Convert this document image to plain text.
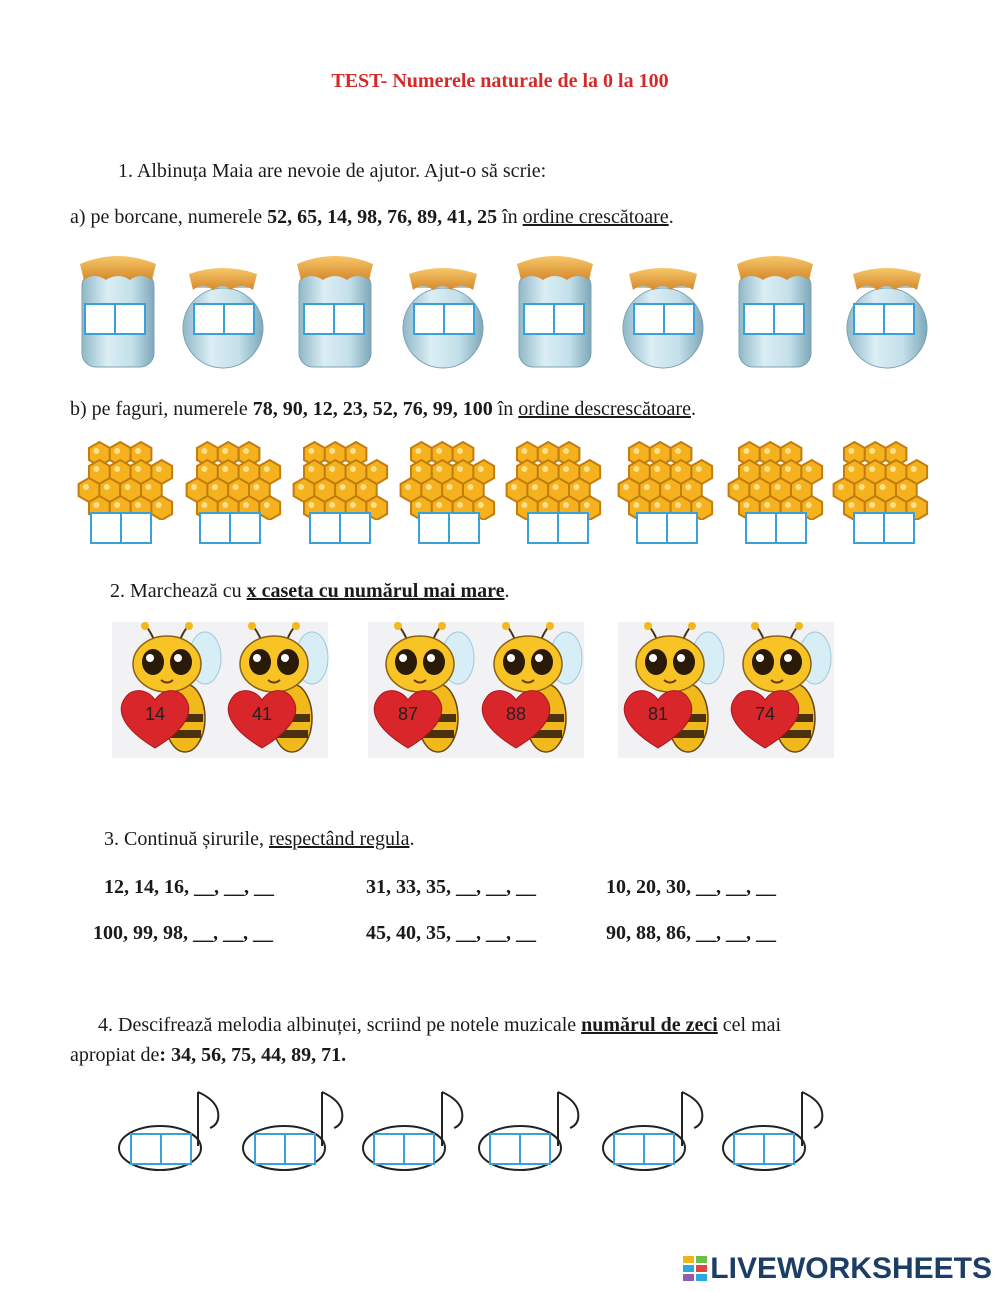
TEST- Numerele naturale de la 0 la 100
1. Albinuța Maia are nevoie de ajutor. Ajut-o să scrie:
a) pe borcane, numerele 52, 65, 14, 98, 76, 89, 41, 25 în ordine crescătoare.
b) pe faguri, numerele 78, 90, 12, 23, 52, 76, 99, 100 în ordine descrescătoare.
2. Marchează cu x caseta cu numărul mai mare.
14	41	87	88	81	74
3. Continuă șirurile, respectând regula.
12, 14, 16, __, __, __	31, 33, 35, __, __, __	10, 20, 30, __, __, __
100, 99, 98, __, __, __	45, 40, 35, __, __, __	90, 88, 86, __, __, __
4. Descifrează melodia albinuței, scriind pe notele muzicale numărul de zeci cel mai
apropiat de: 34, 56, 75, 44, 89, 71.
LIVEWORKSHEETS
